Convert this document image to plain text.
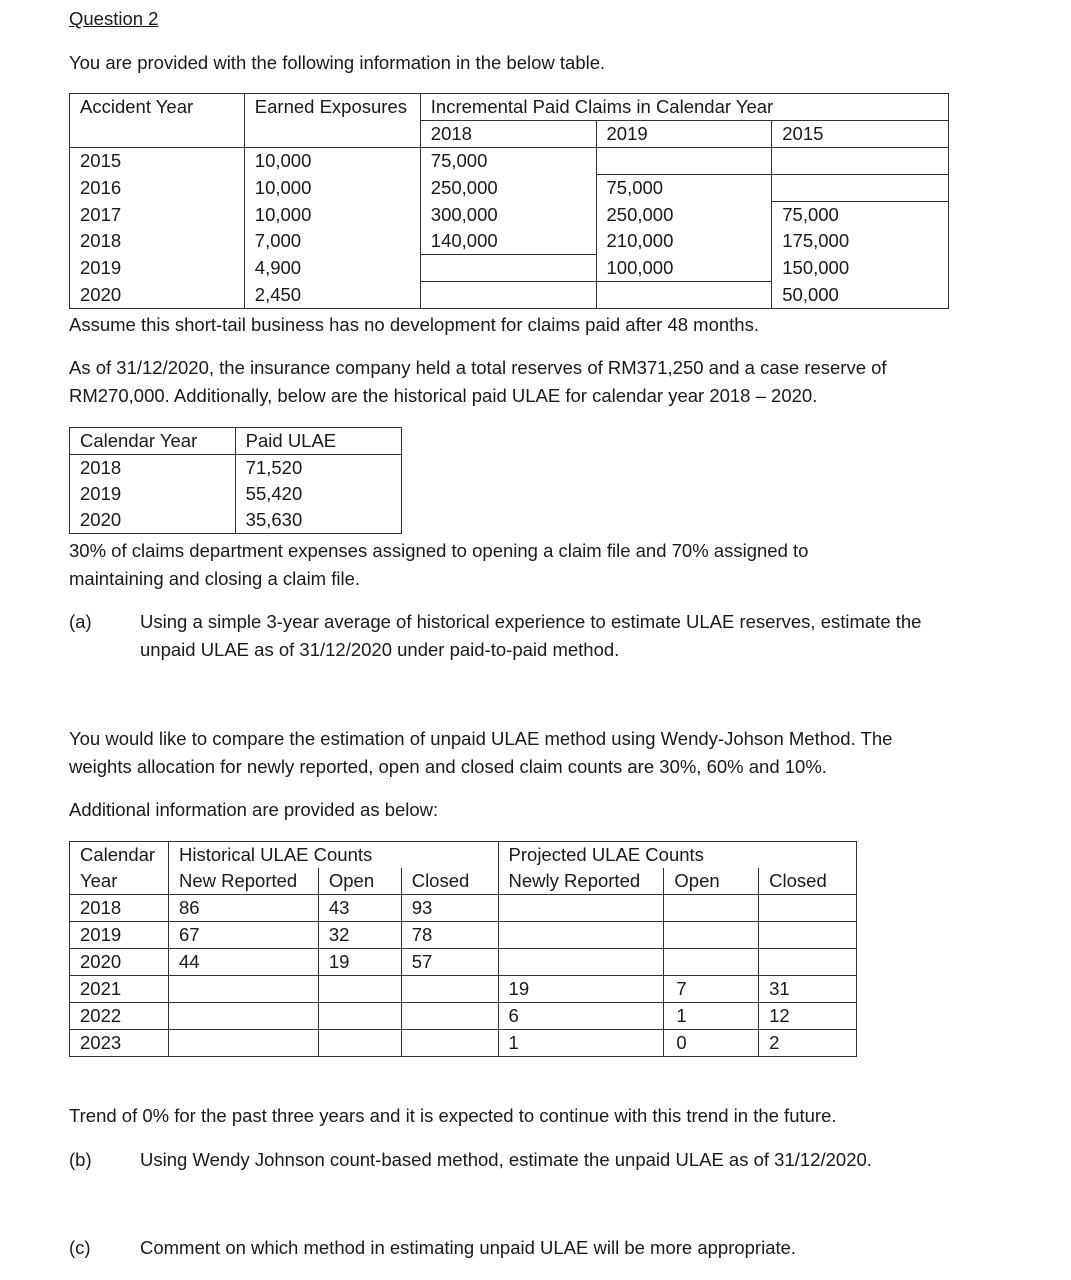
Question 2
You are provided with the following information in the below table.
Accident Year	Earned Exposures	Incremental Paid Claims in Calendar Year		
		2018	2019	2015
2015	10,000	75,000		
2016	10,000	250,000	75,000	
2017	10,000	300,000	250,000	75,000
2018	7,000	140,000	210,000	175,000
2019	4,900		100,000	150,000
2020	2,450			50,000
Assume this short-tail business has no development for claims paid after 48 months.
As of 31/12/2020, the insurance company held a total reserves of RM371,250 and a case reserve of
RM270,000. Additionally, below are the historical paid ULAE for calendar year 2018 – 2020.
Calendar Year	Paid ULAE
2018	71,520
2019	55,420
2020	35,630
30% of claims department expenses assigned to opening a claim file and 70% assigned to
maintaining and closing a claim file.
(a)	Using a simple 3-year average of historical experience to estimate ULAE reserves, estimate the
unpaid ULAE as of 31/12/2020 under paid-to-paid method.
You would like to compare the estimation of unpaid ULAE method using Wendy-Johson Method. The
weights allocation for newly reported, open and closed claim counts are 30%, 60% and 10%.
Additional information are provided as below:
Calendar	Historical ULAE Counts			Projected ULAE Counts		
Year	New Reported	Open	Closed	Newly Reported	Open	Closed
2018	86	43	93			
2019	67	32	78			
2020	44	19	57			
2021				19	7	31
2022				6	1	12
2023				1	0	2
Trend of 0% for the past three years and it is expected to continue with this trend in the future.
(b)	Using Wendy Johnson count-based method, estimate the unpaid ULAE as of 31/12/2020.
(c)	Comment on which method in estimating unpaid ULAE will be more appropriate.
